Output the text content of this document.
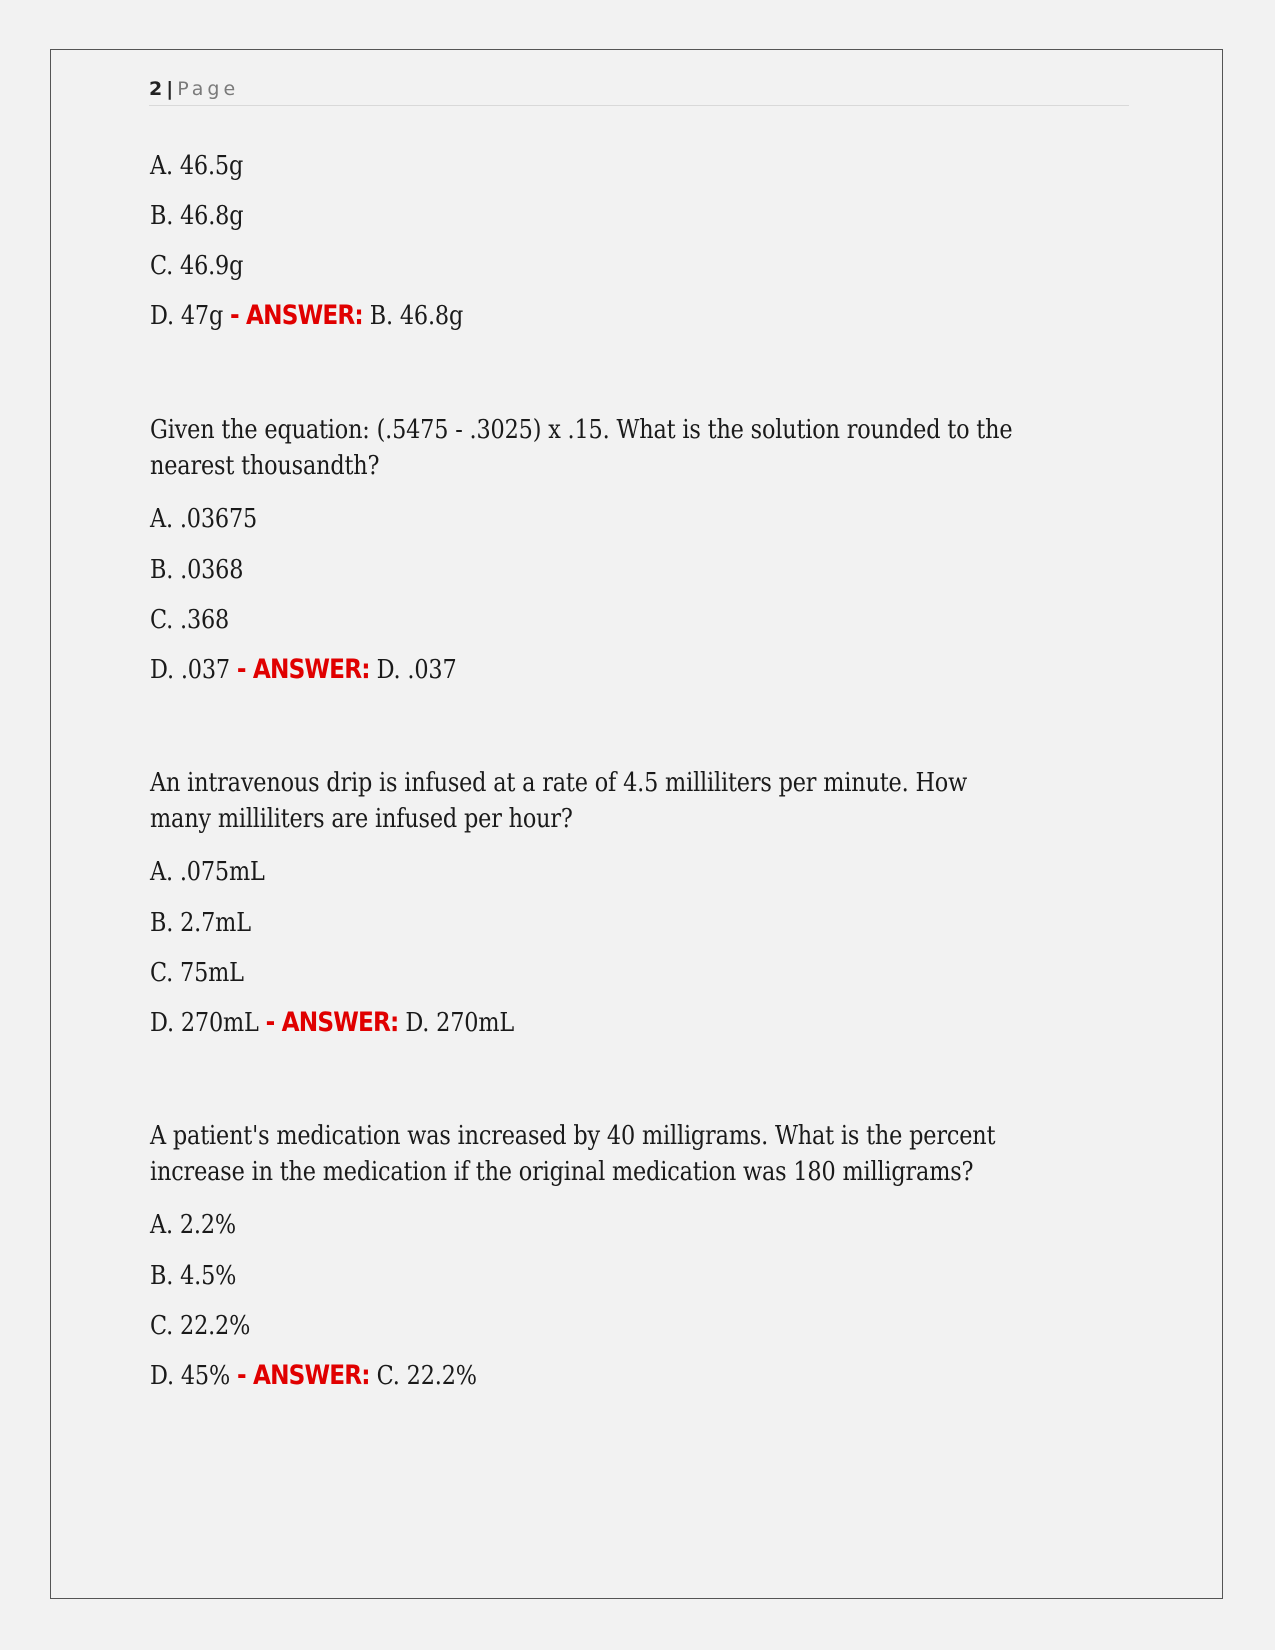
2 | Page
A. 46.5g
B. 46.8g
C. 46.9g
D. 47g - ANSWER: B. 46.8g
Given the equation: (.5475 - .3025) x .15. What is the solution rounded to the nearest thousandth?
A. .03675
B. .0368
C. .368
D. .037 - ANSWER: D. .037
An intravenous drip is infused at a rate of 4.5 milliliters per minute. How many milliliters are infused per hour?
A. .075mL
B. 2.7mL
C. 75mL
D. 270mL - ANSWER: D. 270mL
A patient's medication was increased by 40 milligrams. What is the percent increase in the medication if the original medication was 180 milligrams?
A. 2.2%
B. 4.5%
C. 22.2%
D. 45% - ANSWER: C. 22.2%
